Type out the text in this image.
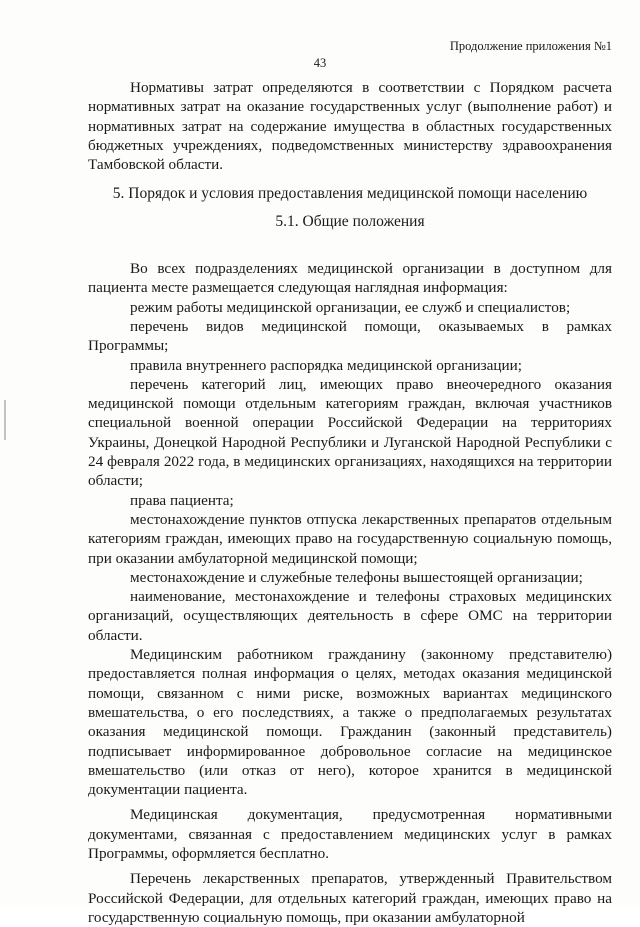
Продолжение приложения №1
43

Нормативы затрат определяются в соответствии с Порядком расчета нормативных затрат на оказание государственных услуг (выполнение работ) и нормативных затрат на содержание имущества в областных государственных бюджетных учреждениях, подведомственных министерству здравоохранения Тамбовской области.

5. Порядок и условия предоставления медицинской помощи населению

5.1. Общие положения

Во всех подразделениях медицинской организации в доступном для пациента месте размещается следующая наглядная информация:

режим работы медицинской организации, ее служб и специалистов;

перечень видов медицинской помощи, оказываемых в рамках Программы;

правила внутреннего распорядка медицинской организации;

перечень категорий лиц, имеющих право внеочередного оказания медицинской помощи отдельным категориям граждан, включая участников специальной военной операции Российской Федерации на территориях Украины, Донецкой Народной Республики и Луганской Народной Республики с 24 февраля 2022 года, в медицинских организациях, находящихся на территории области;

права пациента;

местонахождение пунктов отпуска лекарственных препаратов отдельным категориям граждан, имеющих право на государственную социальную помощь, при оказании амбулаторной медицинской помощи;

местонахождение и служебные телефоны вышестоящей организации;

наименование, местонахождение и телефоны страховых медицинских организаций, осуществляющих деятельность в сфере ОМС на территории области.

Медицинским работником гражданину (законному представителю) предоставляется полная информация о целях, методах оказания медицинской помощи, связанном с ними риске, возможных вариантах медицинского вмешательства, о его последствиях, а также о предполагаемых результатах оказания медицинской помощи. Гражданин (законный представитель) подписывает информированное добровольное согласие на медицинское вмешательство (или отказ от него), которое хранится в медицинской документации пациента.

Медицинская документация, предусмотренная нормативными документами, связанная с предоставлением медицинских услуг в рамках Программы, оформляется бесплатно.

Перечень лекарственных препаратов, утвержденный Правительством Российской Федерации, для отдельных категорий граждан, имеющих право на государственную социальную помощь, при оказании амбулаторной
